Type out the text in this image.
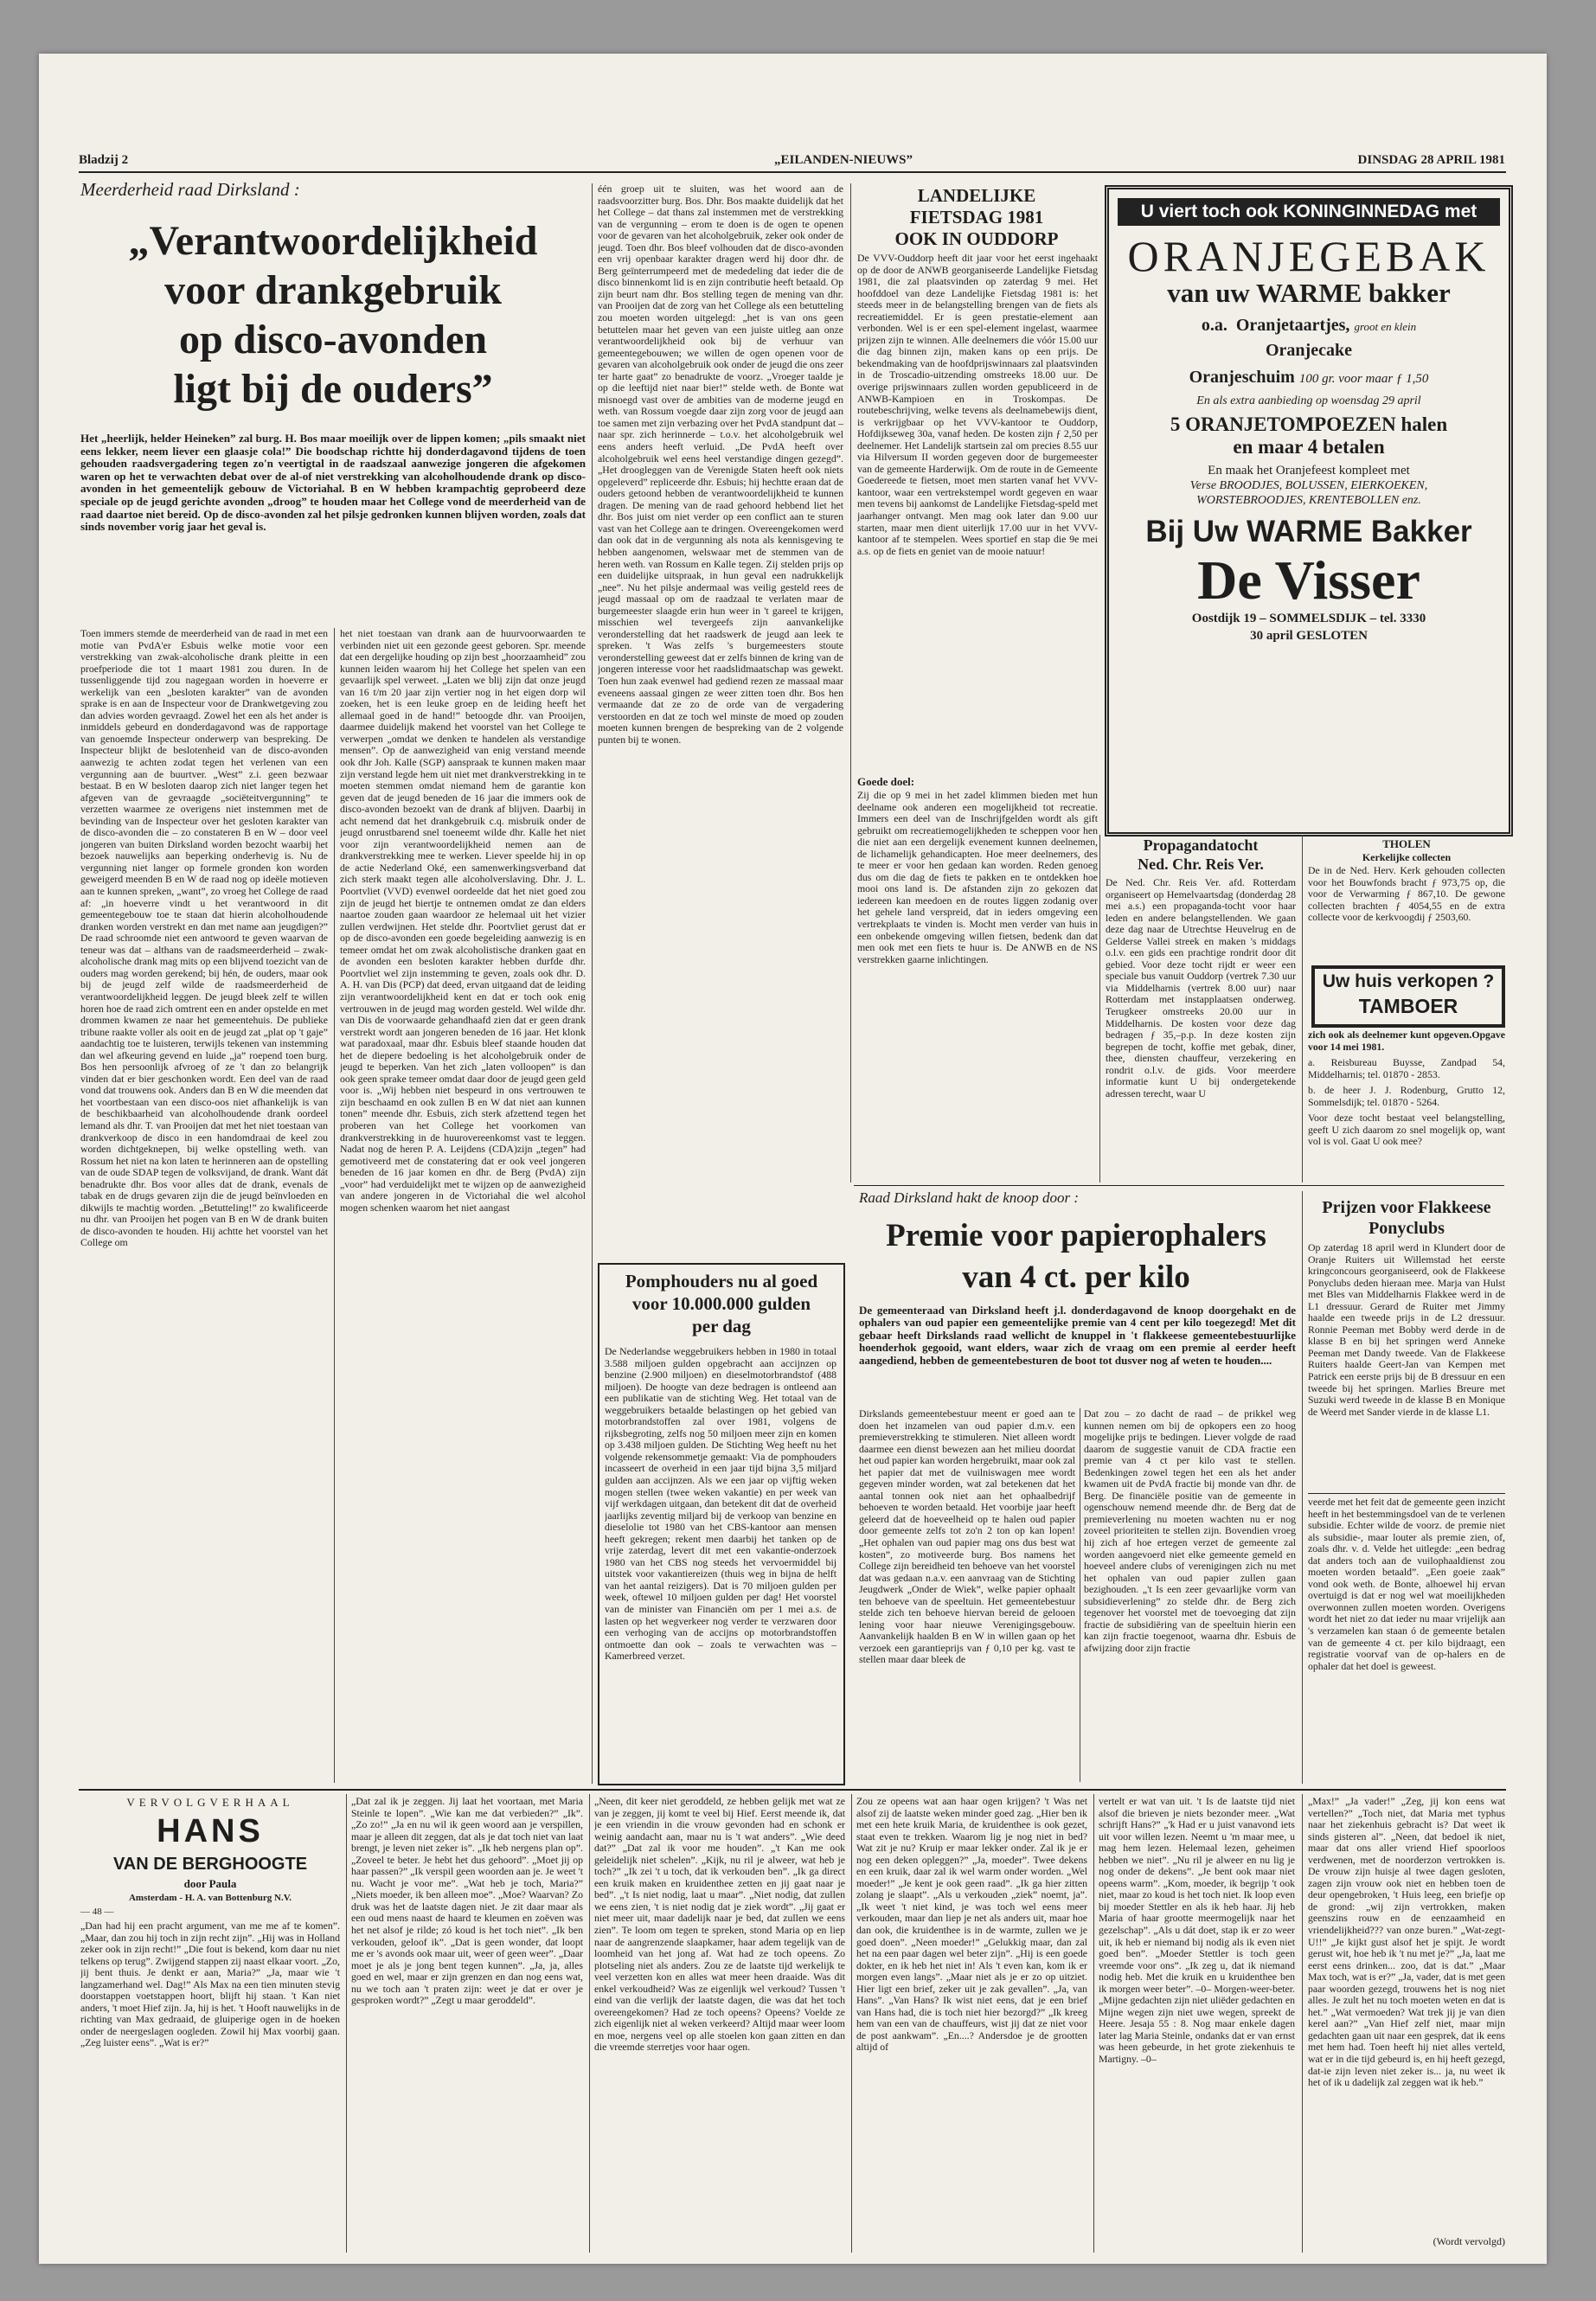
Bladzij 2	„EILANDEN-NIEUWS”	DINSDAG 28 APRIL 1981
Meerderheid raad Dirksland :
„Verantwoordelijkheid
voor drankgebruik
op disco-avonden
ligt bij de ouders”
Het „heerlijk, helder Heineken” zal burg. H. Bos maar moeilijk over de lippen komen; „pils smaakt niet eens lekker, neem liever een glaasje cola!” Die boodschap richtte hij donderdagavond tijdens de toen gehouden raadsvergadering tegen zo'n veertigtal in de raadszaal aanwezige jongeren die afgekomen waren op het te verwachten debat over de al-of niet verstrekking van alcoholhoudende drank op disco-avonden in het gemeentelijk gebouw de Victoriahal. B en W hebben krampachtig geprobeerd deze speciale op de jeugd gerichte avonden „droog” te houden maar het College vond de meerderheid van de raad daartoe niet bereid. Op de disco-avonden zal het pilsje gedronken kunnen blijven worden, zoals dat sinds november vorig jaar het geval is.
Toen immers stemde de meerderheid van de raad in met een motie van PvdA'er Esbuis welke motie voor een verstrekking van zwak-alcoholische drank pleitte in een proefperiode die tot 1 maart 1981 zou duren. In de tussenliggende tijd zou nagegaan worden in hoeverre er werkelijk van een „besloten karakter” van de avonden sprake is en aan de Inspecteur voor de Drankwetgeving zou dan advies worden gevraagd. Zowel het een als het ander is inmiddels gebeurd en donderdagavond was de rapportage van genoemde Inspecteur onderwerp van bespreking. De Inspecteur blijkt de beslotenheid van de disco-avonden aanwezig te achten zodat tegen het verlenen van een vergunning aan de buurtver. „West” z.i. geen bezwaar bestaat. B en W besloten daarop zich niet langer tegen het afgeven van de gevraagde „sociëteitvergunning” te verzetten waarmee ze overigens niet instemmen met de bevinding van de Inspecteur over het gesloten karakter van de disco-avonden die – zo constateren B en W – door veel jongeren van buiten Dirksland worden bezocht waarbij het bezoek nauwelijks aan beperking onderhevig is. Nu de vergunning niet langer op formele gronden kon worden geweigerd meenden B en W de raad nog op ideële motieven aan te kunnen spreken, „want”, zo vroeg het College de raad af: „in hoeverre vindt u het verantwoord in dit gemeentegebouw toe te staan dat hierin alcoholhoudende dranken worden verstrekt en dan met name aan jeugdigen?” De raad schroomde niet een antwoord te geven waarvan de teneur was dat – althans van de raadsmeerderheid – zwak-alcoholische drank mag mits op een blijvend toezicht van de ouders mag worden gerekend; bij hén, de ouders, maar ook bij de jeugd zelf wilde de raadsmeerderheid de verantwoordelijkheid leggen. De jeugd bleek zelf te willen horen hoe de raad zich omtrent een en ander opstelde en met drommen kwamen ze naar het gemeentehuis. De publieke tribune raakte voller als ooit en de jeugd zat „plat op 't gaje” aandachtig toe te luisteren, terwijls tekenen van instemming dan wel afkeuring gevend en luide „ja” roepend toen burg. Bos hen persoonlijk afvroeg of ze 't dan zo belangrijk vinden dat er bier geschonken wordt. Een deel van de raad vond dat trouwens ook. Anders dan B en W die meenden dat het voortbestaan van een disco-oos niet afhankelijk is van de beschikbaarheid van alcoholhoudende drank oordeel lemand als dhr. T. van Prooijen dat met het niet toestaan van drankverkoop de disco in een handomdraai de keel zou worden dichtgeknepen, bij welke opstelling weth. van Rossum het niet na kon laten te herinneren aan de opstelling van de oude SDAP tegen de volksvijand, de drank. Want dát benadrukte dhr. Bos voor alles dat de drank, evenals de tabak en de drugs gevaren zijn die de jeugd beïnvloeden en dikwijls te machtig worden. „Betutteling!” zo kwalificeerde nu dhr. van Prooijen het pogen van B en W de drank buiten de disco-avonden te houden. Hij achtte het voorstel van het College om
het niet toestaan van drank aan de huurvoorwaarden te verbinden niet uit een gezonde geest geboren. Spr. meende dat een dergelijke houding op zijn best „hoorzaamheid” zou kunnen leiden waarom hij het College het spelen van een gevaarlijk spel verweet. „Laten we blij zijn dat onze jeugd van 16 t/m 20 jaar zijn vertier nog in het eigen dorp wil zoeken, het is een leuke groep en de leiding heeft het allemaal goed in de hand!” betoogde dhr. van Prooijen, daarmee duidelijk makend het voorstel van het College te verwerpen „omdat we denken te handelen als verstandige mensen”. Op de aanwezigheid van enig verstand meende ook dhr Joh. Kalle (SGP) aanspraak te kunnen maken maar zijn verstand legde hem uit niet met drankverstrekking in te moeten stemmen omdat niemand hem de garantie kon geven dat de jeugd beneden de 16 jaar die immers ook de disco-avonden bezoekt van de drank af blijven. Daarbij in acht nemend dat het drankgebruik c.q. misbruik onder de jeugd onrustbarend snel toeneemt wilde dhr. Kalle het niet voor zijn verantwoordelijkheid nemen aan de drankverstrekking mee te werken. Liever speelde hij in op de actie Nederland Oké, een samenwerkingsverband dat zich sterk maakt tegen alle alcoholverslaving. Dhr. J. L. Poortvliet (VVD) evenwel oordeelde dat het niet goed zou zijn de jeugd het biertje te ontnemen omdat ze dan elders naartoe zouden gaan waardoor ze helemaal uit het vizier zullen verdwijnen. Het stelde dhr. Poortvliet gerust dat er op de disco-avonden een goede begeleiding aanwezig is en temeer omdat het om zwak alcoholistische dranken gaat en de avonden een besloten karakter hebben durfde dhr. Poortvliet wel zijn instemming te geven, zoals ook dhr. D. A. H. van Dis (PCP) dat deed, ervan uitgaand dat de leiding zijn verantwoordelijkheid kent en dat er toch ook enig vertrouwen in de jeugd mag worden gesteld. Wel wilde dhr. van Dis de voorwaarde gehandhaafd zien dat er geen drank verstrekt wordt aan jongeren beneden de 16 jaar. Het klonk wat paradoxaal, maar dhr. Esbuis bleef staande houden dat het de diepere bedoeling is het alcoholgebruik onder de jeugd te beperken. Van het zich „laten volloopen” is dan ook geen sprake temeer omdat daar door de jeugd geen geld voor is. „Wij hebben niet bespeurd in ons vertrouwen te zijn beschaamd en ook zullen B en W dat niet aan kunnen tonen” meende dhr. Esbuis, zich sterk afzettend tegen het proberen van het College het voorkomen van drankverstrekking in de huurovereenkomst vast te leggen. Nadat nog de heren P. A. Leijdens (CDA)zijn „tegen” had gemotiveerd met de constatering dat er ook veel jongeren beneden de 16 jaar komen en dhr. de Berg (PvdA) zijn „voor” had verduidelijkt met te wijzen op de aanwezigheid van andere jongeren in de Victoriahal die wel alcohol mogen schenken waarom het niet aangast
één groep uit te sluiten, was het woord aan de raadsvoorzitter burg. Bos. Dhr. Bos maakte duidelijk dat het het College – dat thans zal instemmen met de verstrekking van de vergunning – erom te doen is de ogen te openen voor de gevaren van het alcoholgebruik, zeker ook onder de jeugd. Toen dhr. Bos bleef volhouden dat de disco-avonden een vrij openbaar karakter dragen werd hij door dhr. de Berg geïnterrumpeerd met de mededeling dat ieder die de disco binnenkomt lid is en zijn contributie heeft betaald. Op zijn beurt nam dhr. Bos stelling tegen de mening van dhr. van Prooijen dat de zorg van het College als een betutteling zou moeten worden uitgelegd: „het is van ons geen betuttelen maar het geven van een juiste uitleg aan onze verantwoordelijkheid ook bij de verhuur van gemeentegebouwen; we willen de ogen openen voor de gevaren van alcoholgebruik ook onder de jeugd die ons zeer ter harte gaat” zo benadrukte de voorz. „Vroeger taalde je op die leeftijd niet naar bier!” stelde weth. de Bonte wat misnoegd vast over de ambities van de moderne jeugd en weth. van Rossum voegde daar zijn zorg voor de jeugd aan toe samen met zijn verbazing over het PvdA standpunt dat – naar spr. zich herinnerde – t.o.v. het alcoholgebruik wel eens anders heeft verluid. „De PvdA heeft over alcoholgebruik wel eens heel verstandige dingen gezegd”. „Het droogleggen van de Verenigde Staten heeft ook niets opgeleverd” repliceerde dhr. Esbuis; hij hechtte eraan dat de ouders getoond hebben de verantwoordelijkheid te kunnen dragen. De mening van de raad gehoord hebbend liet het dhr. Bos juist om niet verder op een conflict aan te sturen vast van het College aan te dringen. Overeengekomen werd dan ook dat in de vergunning als nota als kennisgeving te hebben aangenomen, welswaar met de stemmen van de heren weth. van Rossum en Kalle tegen. Zij stelden prijs op een duidelijke uitspraak, in hun geval een nadrukkelijk „nee”. Nu het pilsje andermaal was veilig gesteld rees de jeugd massaal op om de raadzaal te verlaten maar de burgemeester slaagde erin hun weer in 't gareel te krijgen, misschien wel tevergeefs zijn aanvankelijke veronderstelling dat het raadswerk de jeugd aan leek te spreken. 't Was zelfs 's burgemeesters stoute veronderstelling geweest dat er zelfs binnen de kring van de jongeren interesse voor het raadslidmaatschap was gewekt. Toen hun zaak evenwel had gediend rezen ze massaal maar eveneens aassaal gingen ze weer zitten toen dhr. Bos hen vermaande dat ze zo de orde van de vergadering verstoorden en dat ze toch wel minste de moed op zouden moeten kunnen brengen de bespreking van de 2 volgende punten bij te wonen.
Pomphouders nu al goed
voor 10.000.000 gulden
per dag
De Nederlandse weggebruikers hebben in 1980 in totaal 3.588 miljoen gulden opgebracht aan accijnzen op benzine (2.900 miljoen) en dieselmotorbrandstof (488 miljoen). De hoogte van deze bedragen is ontleend aan een publikatie van de stichting Weg. Het totaal van de weggebruikers betaalde belastingen op het gebied van motorbrandstoffen zal over 1981, volgens de rijksbegroting, zelfs nog 50 miljoen meer zijn en komen op 3.438 miljoen gulden. De Stichting Weg heeft nu het volgende rekensommetje gemaakt: Via de pomphouders incasseert de overheid in een jaar tijd bijna 3,5 miljard gulden aan accijnzen. Als we een jaar op vijftig weken mogen stellen (twee weken vakantie) en per week van vijf werkdagen uitgaan, dan betekent dit dat de overheid jaarlijks zeventig miljard bij de verkoop van benzine en dieselolie tot 1980 van het CBS-kantoor aan mensen heeft gekregen; rekent men daarbij het tanken op de vrije zaterdag, levert dit met een vakantie-onderzoek 1980 van het CBS nog steeds het vervoermiddel bij uitstek voor vakantiereizen (thuis weg in bijna de helft van het aantal reizigers). Dat is 70 miljoen gulden per week, oftewel 10 miljoen gulden per dag! Het voorstel van de minister van Financiën om per 1 mei a.s. de lasten op het wegverkeer nog verder te verzwaren door een verhoging van de accijns op motorbrandstoffen ontmoette dan ook – zoals te verwachten was – Kamerbreed verzet.
LANDELIJKE
FIETSDAG 1981
OOK IN OUDDORP
De VVV-Ouddorp heeft dit jaar voor het eerst ingehaakt op de door de ANWB georganiseerde Landelijke Fietsdag 1981, die zal plaatsvinden op zaterdag 9 mei. Het hoofddoel van deze Landelijke Fietsdag 1981 is: het steeds meer in de belangstelling brengen van de fiets als recreatiemiddel. Er is geen prestatie-element aan verbonden. Wel is er een spel-element ingelast, waarmee prijzen zijn te winnen. Alle deelnemers die vóór 15.00 uur die dag binnen zijn, maken kans op een prijs. De bekendmaking van de hoofdprijswinnaars zal plaatsvinden in de Troscadio-uitzending omstreeks 18.00 uur. De overige prijswinnaars zullen worden gepubliceerd in de ANWB-Kampioen en in Troskompas. De routebeschrijving, welke tevens als deelnamebewijs dient, is verkrijgbaar op het VVV-kantoor te Ouddorp, Hofdijkseweg 30a, vanaf heden. De kosten zijn ƒ 2,50 per deelnemer. Het Landelijk startsein zal om precies 8.55 uur via Hilversum II worden gegeven door de burgemeester van de gemeente Harderwijk. Om de route in de Gemeente Goedereede te fietsen, moet men starten vanaf het VVV-kantoor, waar een vertrekstempel wordt gegeven en waar men tevens bij aankomst de Landelijke Fietsdag-speld met jaarhanger ontvangt. Men mag ook later dan 9.00 uur starten, maar men dient uiterlijk 17.00 uur in het VVV-kantoor af te stempelen. Wees sportief en stap die 9e mei a.s. op de fiets en geniet van de mooie natuur!
Goede doel:
Zij die op 9 mei in het zadel klimmen bieden met hun deelname ook anderen een mogelijkheid tot recreatie. Immers een deel van de Inschrijfgelden wordt als gift gebruikt om recreatiemogelijkheden te scheppen voor hen die niet aan een dergelijk evenement kunnen deelnemen, de lichamelijk gehandicapten. Hoe meer deelnemers, des te meer er voor hen gedaan kan worden. Reden genoeg dus om die dag de fiets te pakken en te ontdekken hoe mooi ons land is. De afstanden zijn zo gekozen dat iedereen kan meedoen en de routes liggen zodanig over het gehele land verspreid, dat in ieders omgeving een vertrekplaats te vinden is. Mocht men verder van huis in een onbekende omgeving willen fietsen, bedenk dan dat men ook met een fiets te huur is. De ANWB en de NS verstrekken gaarne inlichtingen.
U viert toch ook KONINGINNEDAG met
ORANJEGEBAK
van uw WARME bakker
o.a. Oranjetaartjes, groot en klein
Oranjecake
Oranjeschuim 100 gr. voor maar ƒ 1,50
En als extra aanbieding op woensdag 29 april
5 ORANJETOMPOEZEN halen
en maar 4 betalen
En maak het Oranjefeest kompleet met
Verse BROODJES, BOLUSSEN, EIERKOEKEN, WORSTEBROODJES, KRENTEBOLLEN enz.
Bij Uw WARME Bakker
De Visser
Oostdijk 19 – SOMMELSDIJK – tel. 3330
30 april GESLOTEN
Propagandatocht
Ned. Chr. Reis Ver.
De Ned. Chr. Reis Ver. afd. Rotterdam organiseert op Hemelvaartsdag (donderdag 28 mei a.s.) een propaganda-tocht voor haar leden en andere belangstellenden. We gaan deze dag naar de Utrechtse Heuvelrug en de Gelderse Vallei streek en maken 's middags o.l.v. een gids een prachtige rondrit door dit gebied. Voor deze tocht rijdt er weer een speciale bus vanuit Ouddorp (vertrek 7.30 uur via Middelharnis (vertrek 8.00 uur) naar Rotterdam met instapplaatsen onderweg. Terugkeer omstreeks 20.00 uur in Middelharnis. De kosten voor deze dag bedragen ƒ 35,–p.p. In deze kosten zijn begrepen de tocht, koffie met gebak, diner, thee, diensten chauffeur, verzekering en rondrit o.l.v. de gids. Voor meerdere informatie kunt U bij ondergetekende adressen terecht, waar U
THOLEN
Kerkelijke collecten
De in de Ned. Herv. Kerk gehouden collecten voor het Bouwfonds bracht ƒ 973,75 op, die voor de Verwarming ƒ 867,10. De gewone collecten brachten ƒ 4054,55 en de extra collecte voor de kerkvoogdij ƒ 2503,60.
Uw huis verkopen ?
TAMBOER
zich ook als deelnemer kunt opgeven.Opgave voor 14 mei 1981.
a. Reisbureau Buysse, Zandpad 54, Middelharnis; tel. 01870 - 2853.
b. de heer J. J. Rodenburg, Grutto 12, Sommelsdijk; tel. 01870 - 5264.
Voor deze tocht bestaat veel belangstelling, geeft U zich daarom zo snel mogelijk op, want vol is vol. Gaat U ook mee?
Raad Dirksland hakt de knoop door :
Premie voor papierophalers
van 4 ct. per kilo
De gemeenteraad van Dirksland heeft j.l. donderdagavond de knoop doorgehakt en de ophalers van oud papier een gemeentelijke premie van 4 cent per kilo toegezegd! Met dit gebaar heeft Dirkslands raad wellicht de knuppel in 't flakkeese gemeentebestuurlijke hoenderhok gegooid, want elders, waar zich de vraag om een premie al eerder heeft aangediend, hebben de gemeentebesturen de boot tot dusver nog af weten te houden....
Dirkslands gemeentebestuur meent er goed aan te doen het inzamelen van oud papier d.m.v. een premieverstrekking te stimuleren. Niet alleen wordt daarmee een dienst bewezen aan het milieu doordat het oud papier kan worden hergebruikt, maar ook zal het papier dat met de vuilniswagen mee wordt gegeven minder worden, wat zal betekenen dat het aantal tonnen ook niet aan het ophaalbedrijf behoeven te worden betaald. Het voorbije jaar heeft geleerd dat de hoeveelheid op te halen oud papier door gemeente zelfs tot zo'n 2 ton op kan lopen! „Het ophalen van oud papier mag ons dus best wat kosten”, zo motiveerde burg. Bos namens het College zijn bereidheid ten behoeve van het voorstel dat was gedaan n.a.v. een aanvraag van de Stichting Jeugdwerk „Onder de Wiek”, welke papier ophaalt ten behoeve van de speeltuin. Het gemeentebestuur stelde zich ten behoeve hiervan bereid de gelooen lening voor haar nieuwe Verenigingsgebouw. Aanvankelijk haalden B en W in willen gaan op het verzoek een garantieprijs van ƒ 0,10 per kg. vast te stellen maar daar bleek de
Dat zou – zo dacht de raad – de prikkel weg kunnen nemen om bij de opkopers een zo hoog mogelijke prijs te bedingen. Liever volgde de raad daarom de suggestie vanuit de CDA fractie een premie van 4 ct per kilo vast te stellen. Bedenkingen zowel tegen het een als het ander kwamen uit de PvdA fractie bij monde van dhr. de Berg. De financiële positie van de gemeente in ogenschouw nemend meende dhr. de Berg dat de premieverlening nu moeten wachten nu er nog zoveel prioriteiten te stellen zijn. Bovendien vroeg hij zich af hoe ertegen verzet de gemeente zal worden aangevoerd niet elke gemeente gemeld en hoeveel andere clubs of verenigingen zich nu met het ophalen van oud papier zullen gaan bezighouden. „'t Is een zeer gevaarlijke vorm van subsidieverlening” zo stelde dhr. de Berg zich tegenover het voorstel met de toevoeging dat zijn fractie de subsidiëring van de speeltuin hierin een kan zijn fractie toegenoot, waarna dhr. Esbuis de afwijzing door zijn fractie
Prijzen voor Flakkeese
Ponyclubs
Op zaterdag 18 april werd in Klundert door de Oranje Ruiters uit Willemstad het eerste kringconcours georganiseerd, ook de Flakkeese Ponyclubs deden hieraan mee. Marja van Hulst met Bles van Middelharnis Flakkee werd in de L1 dressuur. Gerard de Ruiter met Jimmy haalde een tweede prijs in de L2 dressuur. Ronnie Peeman met Bobby werd derde in de klasse B en bij het springen werd Anneke Peeman met Dandy tweede. Van de Flakkeese Ruiters haalde Geert-Jan van Kempen met Patrick een eerste prijs bij de B dressuur en een tweede bij het springen. Marlies Breure met Suzuki werd tweede in de klasse B en Monique de Weerd met Sander vierde in de klasse L1.
veerde met het feit dat de gemeente geen inzicht heeft in het bestemmingsdoel van de te verlenen subsidie. Echter wilde de voorz. de premie niet als subsidie-, maar louter als premie zien, of, zoals dhr. v. d. Velde het uitlegde: „een bedrag dat anders toch aan de vuilophaaldienst zou moeten worden betaald”. „Een goeie zaak” vond ook weth. de Bonte, alhoewel hij ervan overtuigd is dat er nog wel wat moeilijkheden overwonnen zullen moeten worden. Overigens wordt het niet zo dat ieder nu maar vrijelijk aan 's verzamelen kan staan ó de gemeente betalen van de gemeente 4 ct. per kilo bijdraagt, een registratie voorvaf van de op-halers en de ophaler dat het doel is geweest.
VERVOLGVERHAAL
HANS
VAN DE BERGHOOGTE
door Paula
Amsterdam - H. A. van Bottenburg N.V.
— 48 —
„Dan had hij een pracht argument, van me me af te komen”. „Maar, dan zou hij toch in zijn recht zijn”. „Hij was in Holland zeker ook in zijn recht!” „Die fout is bekend, kom daar nu niet telkens op terug”. Zwijgend stappen zij naast elkaar voort. „Zo, jij bent thuis. Je denkt er aan, Maria?” „Ja, maar wie 't langzamerhand wel. Dag!” Als Max na een tien minuten stevig doorstappen voetstappen hoort, blijft hij staan. 't Kan niet anders, 't moet Hief zijn. Ja, hij is het. 't Hooft nauwelijks in de richting van Max gedraaid, de gluiperige ogen in de hoeken onder de neergeslagen oogleden. Zowil hij Max voorbij gaan. „Zeg luister eens”. „Wat is er?”
„Dat zal ik je zeggen. Jij laat het voortaan, met Maria Steinle te lopen”. „Wie kan me dat verbieden?” „Ik”. „Zo zo!” „Ja en nu wil ik geen woord aan je verspillen, maar je alleen dit zeggen, dat als je dat toch niet van laat brengt, je leven niet zeker is”. „Ik heb nergens plan op”. „Zoveel te beter. Je hebt het dus gehoord”. „Moet jij op haar passen?” „Ik verspil geen woorden aan je. Je weet 't nu. Wacht je voor me”. „Wat heb je toch, Maria?” „Niets moeder, ik ben alleen moe”. „Moe? Waarvan? Zo druk was het de laatste dagen niet. Je zit daar maar als een oud mens naast de haard te kleumen en zoëven was het net alsof je rilde; zó koud is het toch niet”. „Ik ben verkouden, geloof ik”. „Dat is geen wonder, dat loopt me er 's avonds ook maar uit, weer of geen weer”. „Daar moet je als je jong bent tegen kunnen”. „Ja, ja, alles goed en wel, maar er zijn grenzen en dan nog eens wat, nu we toch aan 't praten zijn: weet je dat er over je gesproken wordt?” „Zegt u maar geroddeld”.
„Neen, dit keer niet geroddeld, ze hebben gelijk met wat ze van je zeggen, jij komt te veel bij Hief. Eerst meende ik, dat je een vriendin in die vrouw gevonden had en schonk er weinig aandacht aan, maar nu is 't wat anders”. „Wie deed dat?” „Dat zal ik voor me houden”. „'t Kan me ook geleidelijk niet schelen”. „Kijk, nu ril je alweer, wat heb je toch?” „Ik zei 't u toch, dat ik verkouden ben”. „Ik ga direct een kruik maken en kruidenthee zetten en jij gaat naar je bed”. „'t Is niet nodig, laat u maar”. „Niet nodig, dat zullen we eens zien, 't is niet nodig dat je ziek wordt”. „Jij gaat er niet meer uit, maar dadelijk naar je bed, dat zullen we eens zien”. Te loom om tegen te spreken, stond Maria op en liep naar de aangrenzende slaapkamer, haar adem tegelijk van de loomheid van het jong af. Wat had ze toch opeens. Zo plotseling niet als anders. Zou ze de laatste tijd werkelijk te veel verzetten kon en alles wat meer heen draaide. Was dit enkel verkoudheid? Was ze eigenlijk wel verkoud? Tussen 't eind van die verlijk der laatste dagen, die was dat het toch overeengekomen? Had ze toch opeens? Opeens? Voelde ze zich eigenlijk niet al weken verkeerd? Altijd maar weer loom en moe, nergens veel op alle stoelen kon gaan zitten en dan die vreemde sterretjes voor haar ogen.
Zou ze opeens wat aan haar ogen krijgen? 't Was net alsof zij de laatste weken minder goed zag. „Hier ben ik met een hete kruik Maria, de kruidenthee is ook gezet, staat even te trekken. Waarom lig je nog niet in bed? Wat zit je nu? Kruip er maar lekker onder. Zal ik je er nog een deken opleggen?” „Ja, moeder”. Twee dekens en een kruik, daar zal ik wel warm onder worden. „Wel moeder!” „Je kent je ook geen raad”. „Ik ga hier zitten zolang je slaapt”. „Als u verkouden „ziek” noemt, ja”. „Ik weet 't niet kind, je was toch wel eens meer verkouden, maar dan liep je net als anders uit, maar hoe dan ook, die kruidenthee is in de warmte, zullen we je goed doen”. „Neen moeder!” „Gelukkig maar, dan zal het na een paar dagen wel beter zijn”. „Hij is een goede dokter, en ik heb het niet in! Als 't even kan, kom ik er morgen even langs”. „Maar niet als je er zo op uitziet. Hier ligt een brief, zeker uit je zak gevallen”. „Ja, van Hans”. „Van Hans? Ik wist niet eens, dat je een brief van Hans had, die is toch niet hier bezorgd?” „Ik kreeg hem van een van de chauffeurs, wist jij dat ze niet voor de post aankwam”. „En....? Andersdoe je de grootten altijd of
vertelt er wat van uit. 't Is de laatste tijd niet alsof die brieven je niets bezonder meer. „Wat schrijft Hans?” „'k Had er u juist vanavond iets uit voor willen lezen. Neemt u 'm maar mee, u mag hem lezen. Helemaal lezen, geheimen hebben we niet”. „Nu ril je alweer en nu lig je nog onder de dekens”. „Je bent ook maar niet opeens warm”. „Kom, moeder, ik begrijp 't ook niet, maar zo koud is het toch niet. Ik loop even bij moeder Stettler en als ik heb haar. Jij heb Maria of haar grootte meermogelijk naar het gezelschap”. „Als u dát doet, stap ik er zo weer uit, ik heb er niemand bij nodig als ik even niet goed ben”. „Moeder Stettler is toch geen vreemde voor ons”. „Ik zeg u, dat ik niemand nodig heb. Met die kruik en u kruidenthee ben ik morgen weer beter”. –0– Morgen-weer-beter. „Mijne gedachten zijn niet uliëder gedachten en Mijne wegen zijn niet uwe wegen, spreekt de Heere. Jesaja 55 : 8. Nog maar enkele dagen later lag Maria Steinle, ondanks dat er van ernst was heen gebeurde, in het grote ziekenhuis te Martigny. –0–
„Max!” „Ja vader!” „Zeg, jij kon eens wat vertellen?” „Toch niet, dat Maria met typhus naar het ziekenhuis gebracht is? Dat weet ik sinds gisteren al”. „Neen, dat bedoel ik niet, maar dat ons aller vriend Hief spoorloos verdwenen, met de noorderzon vertrokken is. De vrouw zijn huisje al twee dagen gesloten, zagen zijn vrouw ook niet en hebben toen de deur opengebroken, 't Huis leeg, een briefje op de grond: „wij zijn vertrokken, maken geenszins rouw en de eenzaamheid en vriendelijkheid??? van onze buren.” „Wat-zegt-U!!” „Je kijkt gust alsof het je spijt. Je wordt gerust wit, hoe heb ik 't nu met je?” „Ja, laat me eerst eens drinken... zoo, dat is dat.” „Maar Max toch, wat is er?” „Ja, vader, dat is met geen paar woorden gezegd, trouwens het is nog niet alles. Je zult het nu toch moeten weten en dat is het.” „Wat vermoeden? Wat trek jij je van dien kerel aan?” „Van Hief zelf niet, maar mijn gedachten gaan uit naar een gesprek, dat ik eens met hem had. Toen heeft hij niet alles verteld, wat er in die tijd gebeurd is, en hij heeft gezegd, dat-ie zijn leven niet zeker is... ja, nu weet ik het of ik u dadelijk zal zeggen wat ik heb.”
(Wordt vervolgd)
